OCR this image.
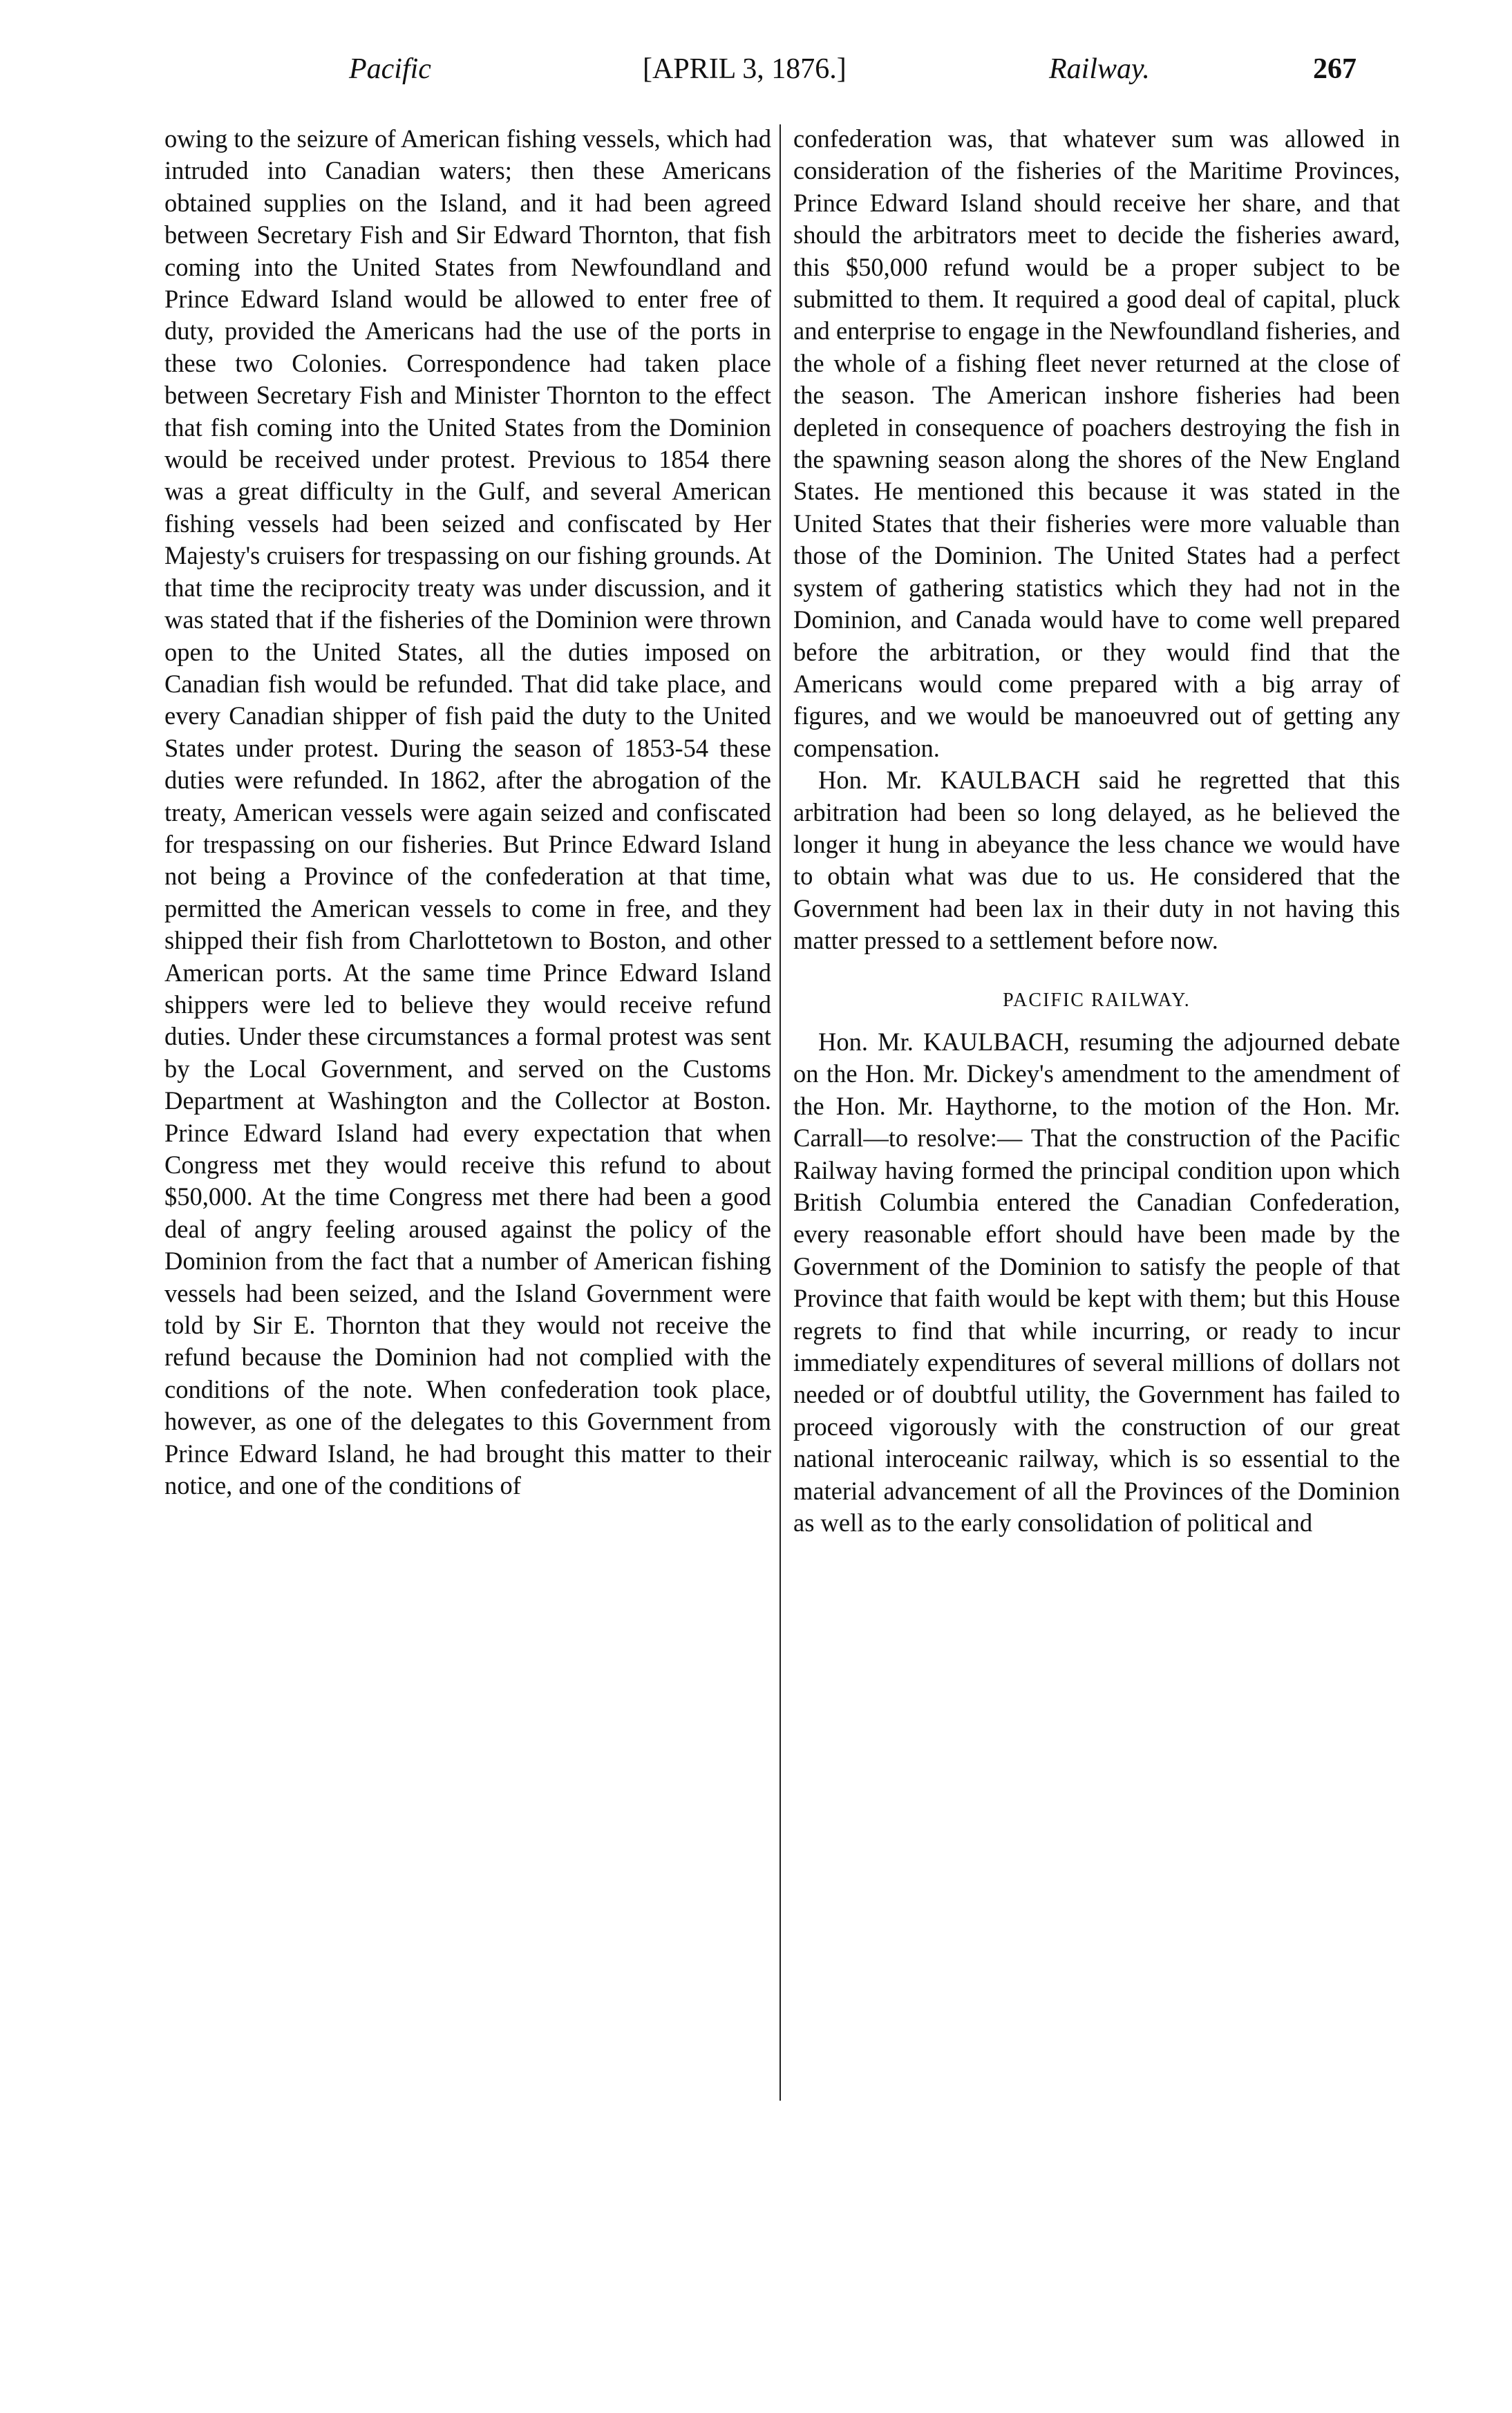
Pacific	[APRIL 3, 1876.]	Railway.	267

owing to the seizure of American fishing vessels, which had intruded into Canadian waters; then these Americans obtained supplies on the Island, and it had been agreed between Secretary Fish and Sir Edward Thornton, that fish coming into the United States from Newfoundland and Prince Edward Island would be allowed to enter free of duty, provided the Americans had the use of the ports in these two Colonies. Correspondence had taken place between Secretary Fish and Minister Thornton to the effect that fish coming into the United States from the Dominion would be received under protest. Previous to 1854 there was a great difficulty in the Gulf, and several American fishing vessels had been seized and confiscated by Her Majesty's cruisers for trespassing on our fishing grounds. At that time the reciprocity treaty was under discussion, and it was stated that if the fisheries of the Dominion were thrown open to the United States, all the duties imposed on Canadian fish would be refunded. That did take place, and every Canadian shipper of fish paid the duty to the United States under protest. During the season of 1853-54 these duties were refunded. In 1862, after the abrogation of the treaty, American vessels were again seized and confiscated for trespassing on our fisheries. But Prince Edward Island not being a Province of the confederation at that time, permitted the American vessels to come in free, and they shipped their fish from Charlottetown to Boston, and other American ports. At the same time Prince Edward Island shippers were led to believe they would receive refund duties. Under these circumstances a formal protest was sent by the Local Government, and served on the Customs Department at Washington and the Collector at Boston. Prince Edward Island had every expectation that when Congress met they would receive this refund to about $50,000. At the time Congress met there had been a good deal of angry feeling aroused against the policy of the Dominion from the fact that a number of American fishing vessels had been seized, and the Island Government were told by Sir E. Thornton that they would not receive the refund because the Dominion had not complied with the conditions of the note. When confederation took place, however, as one of the delegates to this Government from Prince Edward Island, he had brought this matter to their notice, and one of the conditions of

confederation was, that whatever sum was allowed in consideration of the fisheries of the Maritime Provinces, Prince Edward Island should receive her share, and that should the arbitrators meet to decide the fisheries award, this $50,000 refund would be a proper subject to be submitted to them. It required a good deal of capital, pluck and enterprise to engage in the Newfoundland fisheries, and the whole of a fishing fleet never returned at the close of the season. The American inshore fisheries had been depleted in consequence of poachers destroying the fish in the spawning season along the shores of the New England States. He mentioned this because it was stated in the United States that their fisheries were more valuable than those of the Dominion. The United States had a perfect system of gathering statistics which they had not in the Dominion, and Canada would have to come well prepared before the arbitration, or they would find that the Americans would come prepared with a big array of figures, and we would be manoeuvred out of getting any compensation.

Hon. Mr. KAULBACH said he regretted that this arbitration had been so long delayed, as he believed the longer it hung in abeyance the less chance we would have to obtain what was due to us. He considered that the Government had been lax in their duty in not having this matter pressed to a settlement before now.

PACIFIC RAILWAY.

Hon. Mr. KAULBACH, resuming the adjourned debate on the Hon. Mr. Dickey's amendment to the amendment of the Hon. Mr. Haythorne, to the motion of the Hon. Mr. Carrall—to resolve:— That the construction of the Pacific Railway having formed the principal condition upon which British Columbia entered the Canadian Confederation, every reasonable effort should have been made by the Government of the Dominion to satisfy the people of that Province that faith would be kept with them; but this House regrets to find that while incurring, or ready to incur immediately expenditures of several millions of dollars not needed or of doubtful utility, the Government has failed to proceed vigorously with the construction of our great national interoceanic railway, which is so essential to the material advancement of all the Provinces of the Dominion as well as to the early consolidation of political and
